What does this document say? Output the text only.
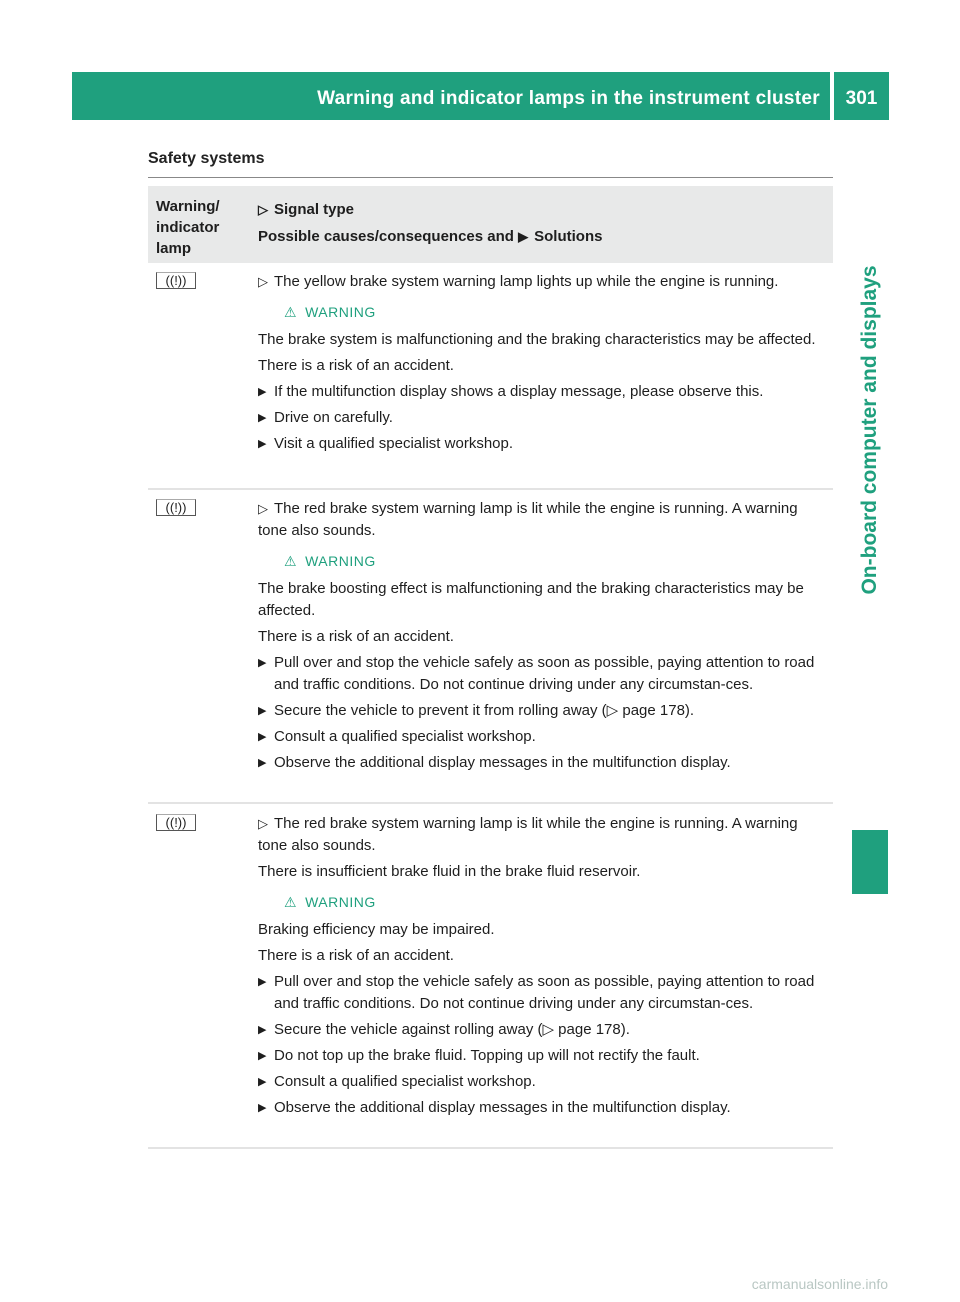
Warning and indicator lamps in the instrument cluster	301
On-board computer and displays
Safety systems
Warning/
indicator
lamp
▷ Signal type
Possible causes/consequences and ▶ Solutions
((!))	▷ The yellow brake system warning lamp lights up while the engine is running.
⚠ WARNING
The brake system is malfunctioning and the braking characteristics may be affected.
There is a risk of an accident.
▶ If the multifunction display shows a display message, please observe this.
▶ Drive on carefully.
▶ Visit a qualified specialist workshop.
((!))	▷ The red brake system warning lamp is lit while the engine is running. A warning tone also sounds.
⚠ WARNING
The brake boosting effect is malfunctioning and the braking characteristics may be affected.
There is a risk of an accident.
▶ Pull over and stop the vehicle safely as soon as possible, paying attention to road and traffic conditions. Do not continue driving under any circumstan-ces.
▶ Secure the vehicle to prevent it from rolling away (▷ page 178).
▶ Consult a qualified specialist workshop.
▶ Observe the additional display messages in the multifunction display.
((!))	▷ The red brake system warning lamp is lit while the engine is running. A warning tone also sounds.
There is insufficient brake fluid in the brake fluid reservoir.
⚠ WARNING
Braking efficiency may be impaired.
There is a risk of an accident.
▶ Pull over and stop the vehicle safely as soon as possible, paying attention to road and traffic conditions. Do not continue driving under any circumstan-ces.
▶ Secure the vehicle against rolling away (▷ page 178).
▶ Do not top up the brake fluid. Topping up will not rectify the fault.
▶ Consult a qualified specialist workshop.
▶ Observe the additional display messages in the multifunction display.
carmanualsonline.info
